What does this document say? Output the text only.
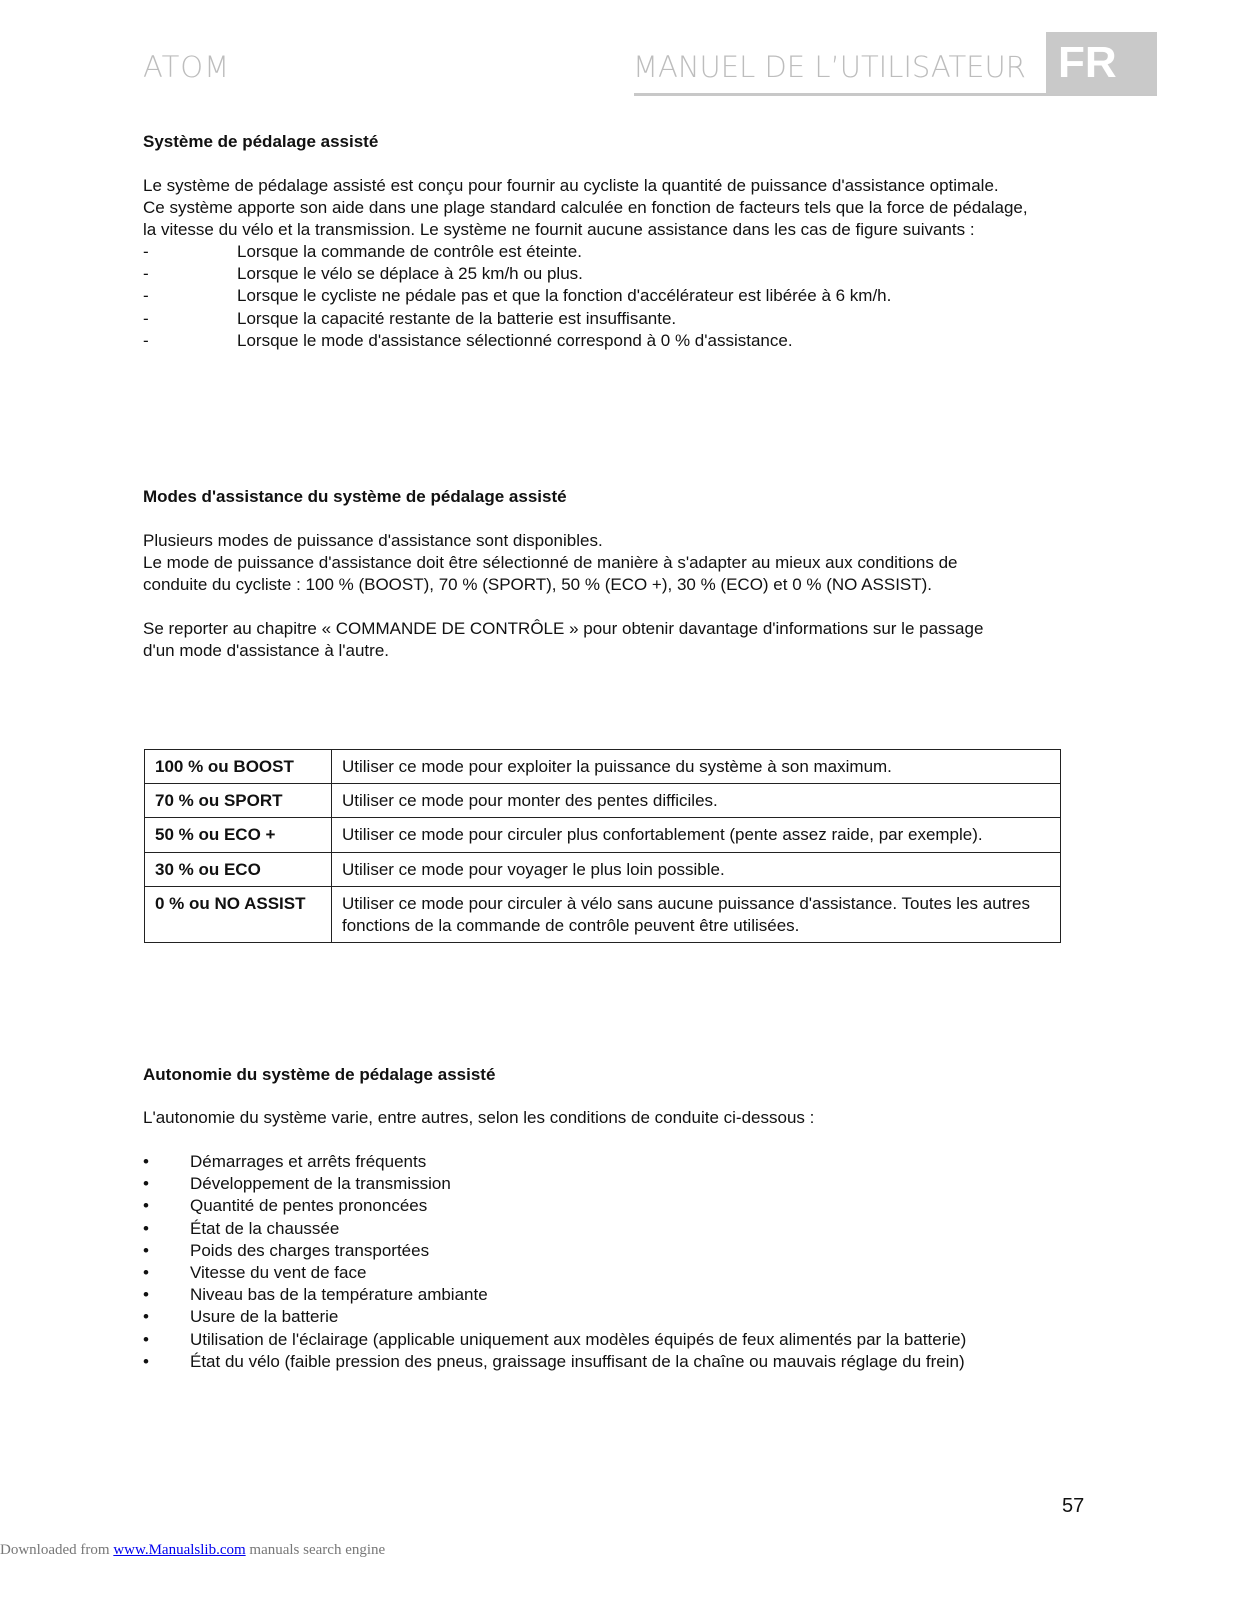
ATOM	MANUEL DE L’UTILISATEUR FR
Système de pédalage assisté
Le système de pédalage assisté est conçu pour fournir au cycliste la quantité de puissance d'assistance optimale.
Ce système apporte son aide dans une plage standard calculée en fonction de facteurs tels que la force de pédalage,
la vitesse du vélo et la transmission. Le système ne fournit aucune assistance dans les cas de figure suivants :
-	Lorsque la commande de contrôle est éteinte.
-	Lorsque le vélo se déplace à 25 km/h ou plus.
-	Lorsque le cycliste ne pédale pas et que la fonction d'accélérateur est libérée à 6 km/h.
-	Lorsque la capacité restante de la batterie est insuffisante.
-	Lorsque le mode d'assistance sélectionné correspond à 0 % d'assistance.
Modes d'assistance du système de pédalage assisté
Plusieurs modes de puissance d'assistance sont disponibles.
Le mode de puissance d'assistance doit être sélectionné de manière à s'adapter au mieux aux conditions de
conduite du cycliste : 100 % (BOOST), 70 % (SPORT), 50 % (ECO +), 30 % (ECO) et 0 % (NO ASSIST).
Se reporter au chapitre « COMMANDE DE CONTRÔLE » pour obtenir davantage d'informations sur le passage
d'un mode d'assistance à l'autre.
Autonomie du système de pédalage assisté
L'autonomie du système varie, entre autres, selon les conditions de conduite ci-dessous :
• Démarrages et arrêts fréquents
• Développement de la transmission
• Quantité de pentes prononcées
• État de la chaussée
• Poids des charges transportées
• Vitesse du vent de face
• Niveau bas de la température ambiante
• Usure de la batterie
• Utilisation de l'éclairage (applicable uniquement aux modèles équipés de feux alimentés par la batterie)
• État du vélo (faible pression des pneus, graissage insuffisant de la chaîne ou mauvais réglage du frein)
100 % ou BOOST	Utiliser ce mode pour exploiter la puissance du système à son maximum.
70 % ou SPORT	Utiliser ce mode pour monter des pentes difficiles.
50 % ou ECO +	Utiliser ce mode pour circuler plus confortablement (pente assez raide, par exemple).
30 % ou ECO	Utiliser ce mode pour voyager le plus loin possible.
0 % ou NO ASSIST	Utiliser ce mode pour circuler à vélo sans aucune puissance d'assistance. Toutes les autres fonctions de la commande de contrôle peuvent être utilisées.
57
Downloaded from www.Manualslib.com manuals search engine
